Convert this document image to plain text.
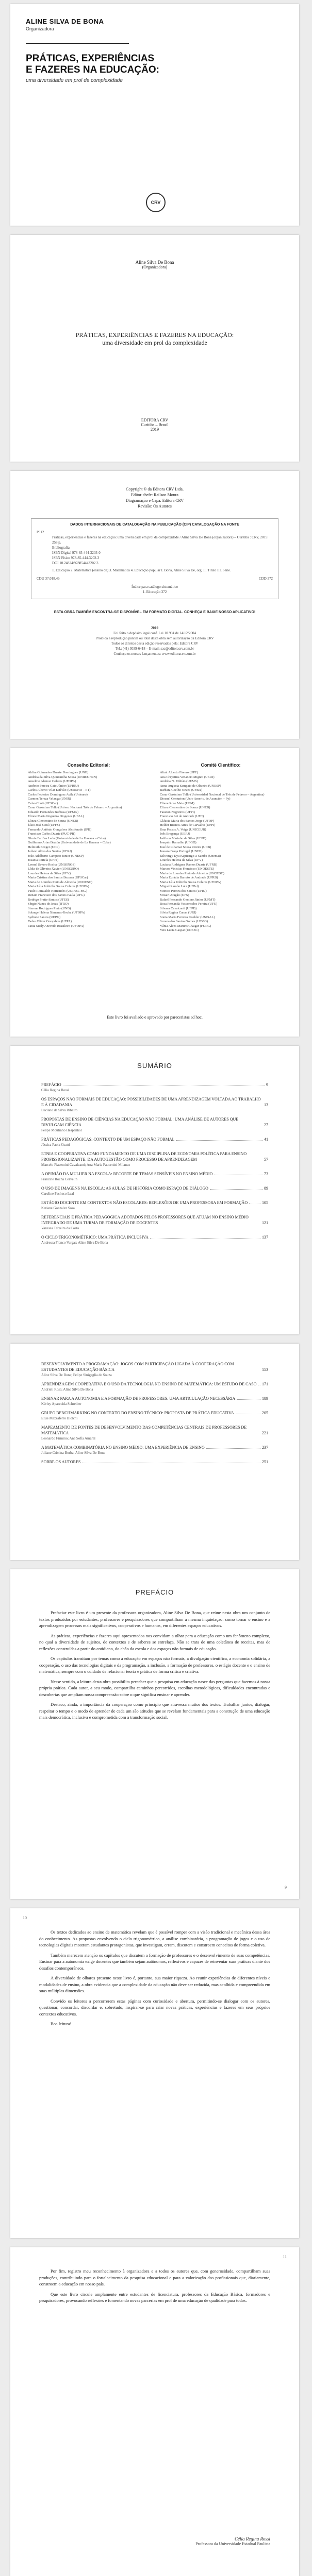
ALINE SILVA DE BONA
Organizadora
PRÁTICAS, EXPERIÊNCIAS
E FAZERES NA EDUCAÇÃO:
uma diversidade em prol da complexidade
CRV
Aline Silva De Bona
(Organizadora)
PRÁTICAS, EXPERIÊNCIAS E FAZERES NA EDUCAÇÃO: uma diversidade em prol da complexidade
EDITORA CRV
Curitiba – Brasil
2019
Copyright © da Editora CRV Ltda.
Editor-chefe: Railson Moura
Diagramação e Capa: Editora CRV
Revisão: Os Autores
DADOS INTERNACIONAIS DE CATALOGAÇÃO NA PUBLICAÇÃO (CIP) CATALOGAÇÃO NA FONTE
P912
Práticas, experiências e fazeres na educação: uma diversidade em prol da complexidade / Aline Silva De Bona (organizadora) – Curitiba : CRV, 2019.
258 p.
Bibliografia
ISBN Digital 978-85-444-3203-0
ISBN Físico 978-85-444-3202-3
DOI 10.24824/978854443202.3
1. Educação 2. Matemática (ensino de) 3. Matemática 4. Educação popular I. Bona, Aline Silva De, org. II. Título III. Série.
CDU 37.018.46	CDD 372
Índice para catálogo sistemático
1. Educação 372
ESTA OBRA TAMBÉM ENCONTRA-SE DISPONÍVEL EM FORMATO DIGITAL. CONHEÇA E BAIXE NOSSO APLICATIVO!
2019
Foi feito o depósito legal conf. Lei 10.994 de 14/12/2004
Proibida a reprodução parcial ou total desta obra sem autorização da Editora CRV
Todos os direitos desta edição reservados pela: Editora CRV
Tel.: (41) 3039-6418 – E-mail: sac@editoracrv.com.br
Conheça os nossos lançamentos: www.editoracrv.com.br
Conselho Editorial:
Aldira Guimarães Duarte Domínguez (UNB)
Andréia da Silva Quintanilha Sousa (UNIR/UFRN)
Anselmo Alencar Colares (UFOPA)
Antônio Pereira Gaio Júnior (UFRRJ)
Carlos Alberto Vilar Estêvão (UMINHO – PT)
Carlos Federico Dominguez Avila (Unieuro)
Carmen Tereza Velanga (UNIR)
Celso Conti (UFSCar)
Cesar Gerónimo Tello (Univer. Nacional Três de Febrero – Argentina)
Eduardo Fernandes Barbosa (UFMG)
Elione Maria Nogueira Diogenes (UFAL)
Elizeu Clementino de Souza (UNEB)
Élsio José Corá (UFFS)
Fernando Antônio Gonçalves Alcoforado (IPB)
Francisco Carlos Duarte (PUC-PR)
Gloria Fariñas León (Universidade de La Havana – Cuba)
Guillermo Arias Beatón (Universidade de La Havana – Cuba)
Helmuth Krüger (UCP)
Jailson Alves dos Santos (UFRJ)
João Adalberto Campato Junior (UNESP)
Josania Portela (UFPI)
Leonel Severo Rocha (UNISINOS)
Lídia de Oliveira Xavier (UNIEURO)
Lourdes Helena da Silva (UFV)
Maria Cristina dos Santos Bezerra (UFSCar)
Maria de Lourdes Pinto de Almeida (UNOESC)
Maria Lília Imbiriba Sousa Colares (UFOPA)
Paulo Romualdo Hernandes (UNIFAL-MG)
Renato Francisco dos Santos Paula (UFG)
Rodrigo Pratte-Santos (UFES)
Sérgio Nunes de Jesus (IFRO)
Simone Rodrigues Pinto (UNB)
Solange Helena Ximenes-Rocha (UFOPA)
Sydione Santos (UEPG)
Tadeu Oliver Gonçalves (UFPA)
Tania Suely Azevedo Brasileiro (UFOPA)
Comitê Científico:
Altair Alberto Fávero (UPF)
Ana Chrystina Venancio Mignot (UERJ)
Andréia N. Militão (UEMS)
Anna Augusta Sampaio de Oliveira (UNESP)
Barbara Coelho Neves (UFBA)
Cesar Gerónimo Tello (Universidad Nacional de Três de Febrero – Argentina)
Diosnel Centurion (Univ Americ. de Asunción – Py)
Eliane Rose Maio (UEM)
Elizeu Clementino de Souza (UNEB)
Fauston Negreiros (UFPI)
Francisco Ari de Andrade (UFC)
Gláucia Maria dos Santos Jorge (UFOP)
Helder Buenos Aires de Carvalho (UFPI)
Ilma Passos A. Veiga (UNICEUB)
Inês Bragança (UERJ)
Jadilson Marinho da Silva (UFPE)
Joaquim Ramalho (UFGD)
José de Ribamar Sousa Pereira (UCB)
Jussara Fraga Portugal (UNEB)
Kilwangy Kya Kapitango-a-Samba (Unemat)
Lourdes Helena da Silva (UFV)
Luciana Rodrigues Ramos Duarte (UFRB)
Marcos Vinicius Francisco (UNOESTE)
Maria de Lourdes Pinto de Almeida (UNOESC)
Maria Eurácia Barreto de Andrade (UFRB)
Maria Lília Imbiriba Sousa Colares (UFOPA)
Miguel Ramón Lutz (UFPel)
Monica Pereira dos Santos (UFRJ)
Mosart Aragão (UFS)
Rafael Fernando Gemino Júnior (UFMT)
Rosa Fernanda Vasconcelos Pereira (UFU)
Silvana Cavalcanti (UFPB)
Silvia Regina Canan (URI)
Sonia Maria Ferreira Koehler (UNISAL)
Suzana dos Santos Gomes (UFMG)
Vânia Alves Martins Chaigar (FURG)
Vera Lucia Gaspar (UDESC)
Este livro foi avaliado e aprovado por pareceristas ad hoc.
SUMÁRIO
PREFÁCIO	9
Célia Regina Rossi
OS ESPAÇOS NÃO FORMAIS DE EDUCAÇÃO: POSSIBILIDADES DE UMA APRENDIZAGEM VOLTADA AO TRABALHO E À CIDADANIA	13
Luciano da Silva Ribeiro
PROPOSTAS DE ENSINO DE CIÊNCIAS NA EDUCAÇÃO NÃO FORMAL: UMA ANÁLISE DE AUTORES QUE DIVULGAM CIÊNCIA	27
Felipe Moutinho Hespanhol
PRÁTICAS PEDAGÓGICAS: CONTEXTO DE UM ESPAÇO NÃO FORMAL	41
Jéssica Paola Coatti
ETNIA E COOPERATIVA COMO FUNDAMENTO DE UMA DISCIPLINA DE ECONOMIA POLÍTICA PARA ENSINO PROFISSIONALIZANTE: DA AUTOGESTÃO COMO PROCESSO DE APRENDIZAGEM	57
Marcelo Piacentini Cavalcanti; Ana Maria Faucenini Milanez
A OPINIÃO DA MULHER NA ESCOLA: RECORTE DE TEMAS SENSÍVEIS NO ENSINO MÉDIO	73
Francine Rocha Cervelin
O USO DE IMAGENS NA ESCOLA: AS AULAS DE HISTÓRIA COMO ESPAÇO DE DIÁLOGO	89
Caroline Pacheco Leal
ESTÁGIO DOCENTE EM CONTEXTOS NÃO ESCOLARES: REFLEXÕES DE UMA PROFESSORA EM FORMAÇÃO	105
Katiane Gonzalez Sosa
REFERENCIAIS E PRÁTICA PEDAGÓGICA ADOTADOS PELOS PROFESSORES QUE ATUAM NO ENSINO MÉDIO INTEGRADO DE UMA TURMA DE FORMAÇÃO DE DOCENTES	121
Vanessa Teixeira da Costa
O CICLO TRIGONOMÉTRICO: UMA PRÁTICA INCLUSIVA	137
Andressa Franco Vargas; Aline Silva De Bona
DESENVOLVIMENTO A PROGRAMAÇÃO: JOGOS COM PARTICIPAÇÃO LIGADA À COOPERAÇÃO COM ESTUDANTES DE EDUCAÇÃO BÁSICA	153
Aline Silva De Bona; Felipe Sinigaglia de Souza
APRENDIZAGEM COOPERATIVA E O USO DA TECNOLOGIA NO ENSINO DE MATEMÁTICA: UM ESTUDO DE CASO 171
Andrieli Rosa; Aline Silva De Bona
ENSINAR PARA A AUTONOMIA E A FORMAÇÃO DE PROFESSORES: UMA ARTICULAÇÃO NECESSÁRIA	189
Kérley Aparecida Schreiber
GRUPO BENCHMARKING NO CONTEXTO DO ENSINO TÉCNICO: PROPOSTA DE PRÁTICA EDUCATIVA	205
Elise Mazzaferro Biolchi
MAPEAMENTO DE FONTES DE DESENVOLVIMENTO DAS COMPETÊNCIAS CENTRAIS DE PROFESSORES DE MATEMÁTICA	221
Leonardo Firmino; Ana Sofia Amaral
A MATEMÁTICA COMBINATÓRIA NO ENSINO MÉDIO: UMA EXPERIÊNCIA DE ENSINO	237
Juliane Cristina Borba; Aline Silva De Bona
SOBRE OS AUTORES	251
PREFÁCIO

Prefaciar este livro é um presente da professora organizadora, Aline Silva De Bona, que reúne nesta obra um conjunto de textos produzidos por estudantes, professores e pesquisadores que compartilham a mesma inquietação: como tornar o ensino e a aprendizagem processos mais significativos, cooperativos e humanos, em diferentes espaços educativos.

As práticas, experiências e fazeres aqui apresentados nos convidam a olhar para a educação como um fenômeno complexo, no qual a diversidade de sujeitos, de contextos e de saberes se entrelaça. Não se trata de uma coletânea de receitas, mas de reflexões construídas a partir do cotidiano, do chão da escola e dos espaços não formais de educação.

Os capítulos transitam por temas como a educação em espaços não formais, a divulgação científica, a economia solidária, a cooperação, o uso das tecnologias digitais e da programação, a inclusão, a formação de professores, o estágio docente e o ensino de matemática, sempre com o cuidado de relacionar teoria e prática de forma crítica e criativa.

Nesse sentido, a leitura desta obra possibilita perceber que a pesquisa em educação nasce das perguntas que fazemos à nossa própria prática. Cada autor, a seu modo, compartilha caminhos percorridos, escolhas metodológicas, dificuldades encontradas e descobertas que ampliam nossa compreensão sobre o que significa ensinar e aprender.

Destaco, ainda, a importância da cooperação como princípio que atravessa muitos dos textos. Trabalhar juntos, dialogar, respeitar o tempo e o modo de aprender de cada um são atitudes que se revelam fundamentais para a construção de uma educação mais democrática, inclusiva e comprometida com a transformação social.

9
10

Os textos dedicados ao ensino de matemática revelam que é possível romper com a visão tradicional e mecânica dessa área do conhecimento. As propostas envolvendo o ciclo trigonométrico, a análise combinatória, a programação de jogos e o uso de tecnologias digitais mostram estudantes protagonistas, que investigam, erram, discutem e constroem conceitos de forma coletiva.

Também merecem atenção os capítulos que discutem a formação de professores e o desenvolvimento de suas competências. Ensinar para a autonomia exige docentes que também sejam autônomos, reflexivos e capazes de reinventar suas práticas diante dos desafios contemporâneos.

A diversidade de olhares presente neste livro é, portanto, sua maior riqueza. Ao reunir experiências de diferentes níveis e modalidades de ensino, a obra evidencia que a complexidade da educação não deve ser reduzida, mas acolhida e compreendida em suas múltiplas dimensões.

Convido os leitores a percorrerem estas páginas com curiosidade e abertura, permitindo-se dialogar com os autores, questionar, concordar, discordar e, sobretudo, inspirar-se para criar novas práticas, experiências e fazeres em seus próprios contextos educativos.

Boa leitura!

11

Por fim, registro meu reconhecimento à organizadora e a todos os autores que, com generosidade, compartilham suas produções, contribuindo para o fortalecimento da pesquisa educacional e para a valorização dos profissionais que, diariamente, constroem a educação em nosso país.

Que este livro circule amplamente entre estudantes de licenciatura, professores da Educação Básica, formadores e pesquisadores, provocando reflexões e fomentando novas parcerias em prol de uma educação de qualidade para todos.

Célia Regina Rossi
Professora da Universidade Estadual Paulista
